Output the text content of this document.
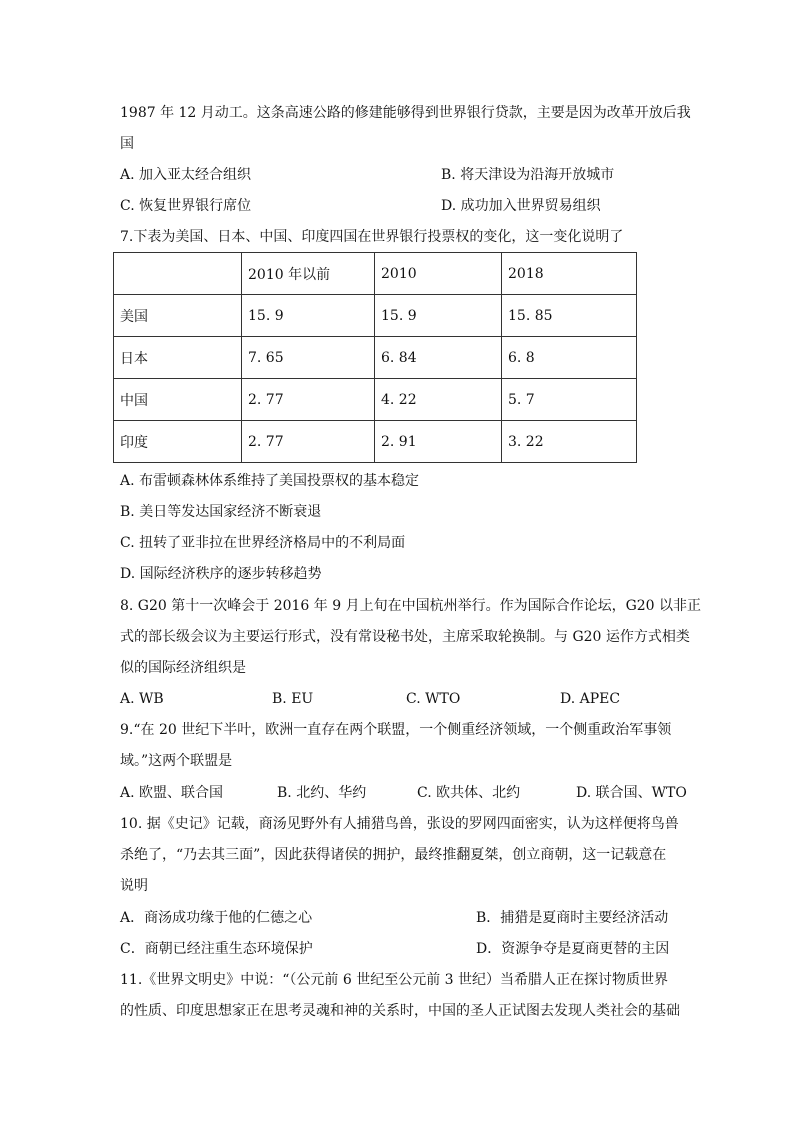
1987 年 12 月动工。这条高速公路的修建能够得到世界银行贷款，主要是因为改革开放后我
国
A. 加入亚太经合组织	B. 将天津设为沿海开放城市
C. 恢复世界银行席位	D. 成功加入世界贸易组织
7.下表为美国、日本、中国、印度四国在世界银行投票权的变化，这一变化说明了
	2010 年以前	2010	2018
美国	15. 9	15. 9	15. 85
日本	7. 65	6. 84	6. 8
中国	2. 77	4. 22	5. 7
印度	2. 77	2. 91	3. 22
A. 布雷顿森林体系维持了美国投票权的基本稳定
B. 美日等发达国家经济不断衰退
C. 扭转了亚非拉在世界经济格局中的不利局面
D. 国际经济秩序的逐步转移趋势
8. G20 第十一次峰会于 2016 年 9 月上旬在中国杭州举行。作为国际合作论坛，G20 以非正
式的部长级会议为主要运行形式，没有常设秘书处，主席采取轮换制。与 G20 运作方式相类
似的国际经济组织是
A. WB	B. EU	C. WTO	D. APEC
9.“在 20 世纪下半叶，欧洲一直存在两个联盟，一个侧重经济领域，一个侧重政治军事领
域。”这两个联盟是
A. 欧盟、联合国	B. 北约、华约	C. 欧共体、北约	D. 联合国、WTO
10. 据《史记》记载，商汤见野外有人捕猎鸟兽，张设的罗网四面密实，认为这样便将鸟兽
杀绝了，“乃去其三面”，因此获得诸侯的拥护，最终推翻夏桀，创立商朝，这一记载意在
说明
A．商汤成功缘于他的仁德之心	B．捕猎是夏商时主要经济活动
C．商朝已经注重生态环境保护	D．资源争夺是夏商更替的主因
11.《世界文明史》中说：“（公元前 6 世纪至公元前 3 世纪）当希腊人正在探讨物质世界
的性质、印度思想家正在思考灵魂和神的关系时，中国的圣人正试图去发现人类社会的基础
